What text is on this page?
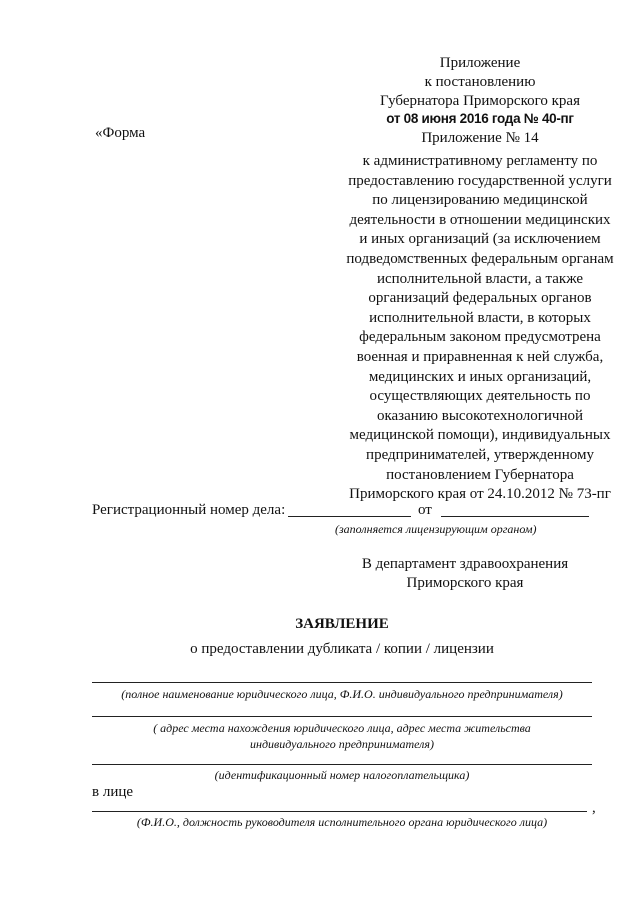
Приложение
к постановлению
Губернатора Приморского края
от 08 июня 2016 года № 40-пг
«Форма	Приложение № 14
к административному регламенту по
предоставлению государственной услуги
по лицензированию медицинской
деятельности в отношении медицинских
и иных организаций (за исключением
подведомственных федеральным органам
исполнительной власти, а также
организаций федеральных органов
исполнительной власти, в которых
федеральным законом предусмотрена
военная и приравненная к ней служба,
медицинских и иных организаций,
осуществляющих деятельность по
оказанию высокотехнологичной
медицинской помощи), индивидуальных
предпринимателей, утвержденному
постановлением Губернатора
Приморского края от 24.10.2012 № 73-пг
Регистрационный номер дела:	от
(заполняется лицензирующим органом)
В департамент здравоохранения
Приморского края
ЗАЯВЛЕНИЕ
о предоставлении дубликата / копии / лицензии
(полное наименование юридического лица, Ф.И.О. индивидуального предпринимателя)
( адрес места нахождения юридического лица, адрес места жительства
индивидуального предпринимателя)
(идентификационный номер налогоплательщика)
в лице
,
(Ф.И.О., должность руководителя исполнительного органа юридического лица)
